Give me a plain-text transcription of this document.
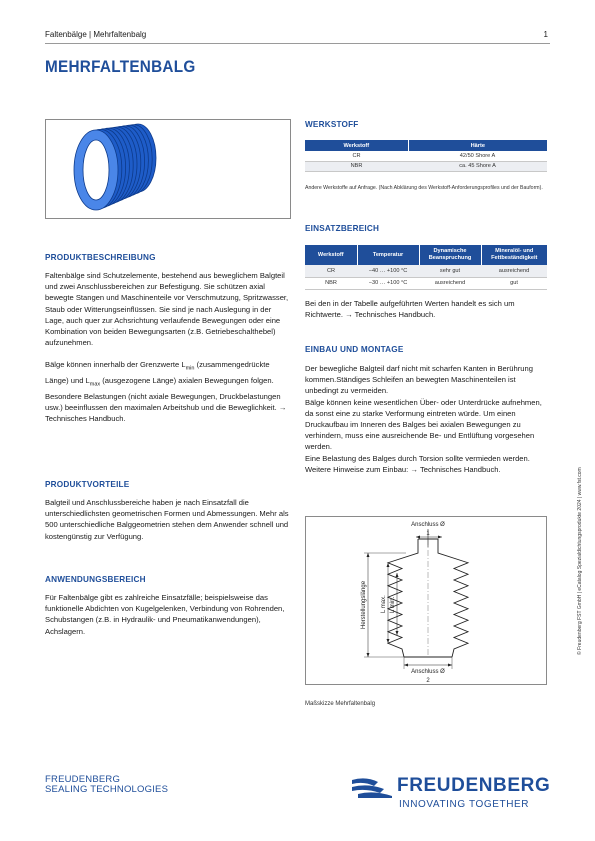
Faltenbälge | Mehrfaltenbalg	1
MEHRFALTENBALG
PRODUKTBESCHREIBUNG

Faltenbälge sind Schutzelemente, bestehend aus beweglichem Balgteil und zwei Anschlussbereichen zur Befestigung. Sie schützen axial bewegte Stangen und Maschinenteile vor Verschmutzung, Spritzwasser, Staub oder Witterungseinflüssen. Sie sind je nach Auslegung in der Lage, auch quer zur Achsrichtung verlaufende Bewegungen oder eine Kombination von beiden Bewegungsarten (z.B. Getriebeschalthebel) aufzunehmen.

Bälge können innerhalb der Grenzwerte $L_{min}$ (zusammengedrückte Länge) und $L_{max}$ (ausgezogene Länge) axialen Bewegungen folgen. Besondere Belastungen (nicht axiale Bewegungen, Druckbelastungen usw.) beeinflussen den maximalen Arbeitshub und die Beweglichkeit. → Technisches Handbuch.

PRODUKTVORTEILE

Balgteil und Anschlussbereiche haben je nach Einsatzfall die unterschiedlichsten geometrischen Formen und Abmessungen. Mehr als 500 unterschiedliche Balggeometrien stehen dem Anwender schnell und kostengünstig zur Verfügung.

ANWENDUNGSBEREICH

Für Faltenbälge gibt es zahlreiche Einsatzfälle; beispielsweise das funktionelle Abdichten von Kugelgelenken, Verbindung von Rohrenden, Schubstangen (z.B. in Hydraulik- und Pneumatikanwendungen), Achslagern.

WERKSTOFF
Werkstoff	Härte
CR	42/50 Shore A
NBR	ca. 45 Shore A
Andere Werkstoffe auf Anfrage. (Nach Abklärung des Werkstoff-Anforderungsprofiles und der Bauform).
EINSATZBEREICH
Werkstoff	Temperatur	Dynamische Beanspruchung	Mineralöl- und Fettbeständigkeit
CR	−40 … +100 °C	sehr gut	ausreichend
NBR	−30 … +100 °C	ausreichend	gut
Bei den in der Tabelle aufgeführten Werten handelt es sich um Richtwerte. → Technisches Handbuch.
EINBAU UND MONTAGE
Der bewegliche Balgteil darf nicht mit scharfen Kanten in Berührung kommen.Ständiges Schleifen an bewegten Maschinenteilen ist unbedingt zu vermeiden.
Bälge können keine wesentlichen Über- oder Unterdrücke aufnehmen, da sonst eine zu starke Verformung eintreten würde. Um einen Druckaufbau im Inneren des Balges bei axialen Bewegungen zu verhindern, muss eine ausreichende Be- und Entlüftung vorgesehen werden.
Eine Belastung des Balges durch Torsion sollte vermieden werden.
Weitere Hinweise zum Einbau: → Technisches Handbuch.
Anschluss Ø
1
Anschluss Ø
2
Herstellungslänge L max. L min.
Maßskizze Mehrfaltenbalg
© Freudenberg FST GmbH | eCatalog Spezialdichtungsprodukte 2024 | www.fst.com
FREUDENBERG
SEALING TECHNOLOGIES	FREUDENBERG
INNOVATING TOGETHER
